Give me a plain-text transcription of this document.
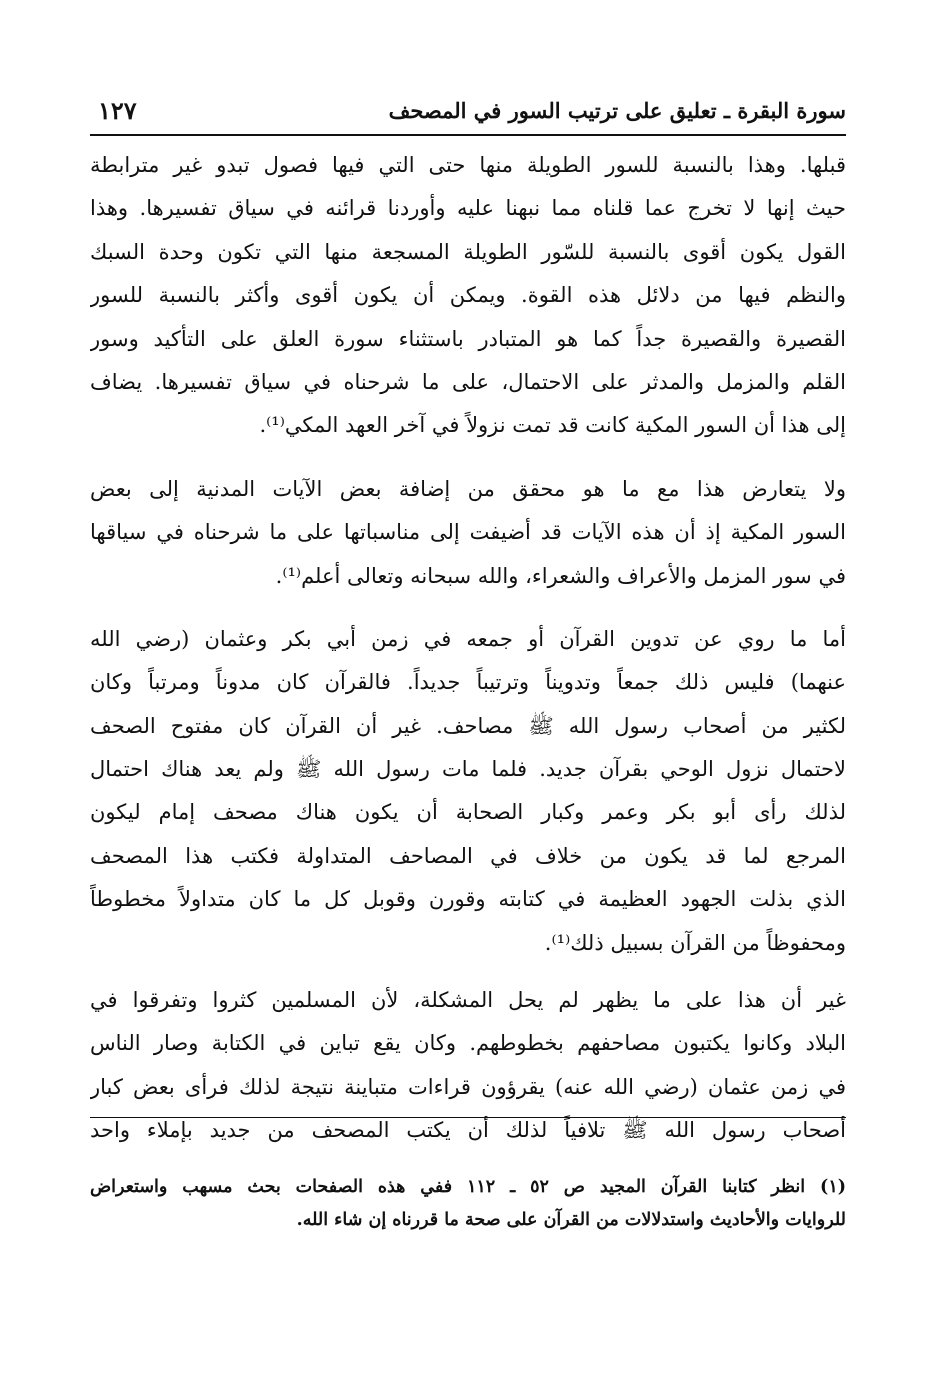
سورة البقرة ـ تعليق على ترتيب السور في المصحف
١٢٧
قبلها. وهذا بالنسبة للسور الطويلة منها حتى التي فيها فصول تبدو غير مترابطة
حيث إنها لا تخرج عما قلناه مما نبهنا عليه وأوردنا قرائنه في سياق تفسيرها. وهذا
القول يكون أقوى بالنسبة للسّور الطويلة المسجعة منها التي تكون وحدة السبك
والنظم فيها من دلائل هذه القوة. ويمكن أن يكون أقوى وأكثر بالنسبة للسور
القصيرة والقصيرة جداً كما هو المتبادر باستثناء سورة العلق على التأكيد وسور
القلم والمزمل والمدثر على الاحتمال، على ما شرحناه في سياق تفسيرها. يضاف
إلى هذا أن السور المكية كانت قد تمت نزولاً في آخر العهد المكي⁽¹⁾.
ولا يتعارض هذا مع ما هو محقق من إضافة بعض الآيات المدنية إلى بعض
السور المكية إذ أن هذه الآيات قد أضيفت إلى مناسباتها على ما شرحناه في سياقها
في سور المزمل والأعراف والشعراء، والله سبحانه وتعالى أعلم⁽¹⁾.
أما ما روي عن تدوين القرآن أو جمعه في زمن أبي بكر وعثمان (رضي الله
عنهما) فليس ذلك جمعاً وتدويناً وترتيباً جديداً. فالقرآن كان مدوناً ومرتباً وكان
لكثير من أصحاب رسول الله ﷺ مصاحف. غير أن القرآن كان مفتوح الصحف
لاحتمال نزول الوحي بقرآن جديد. فلما مات رسول الله ﷺ ولم يعد هناك احتمال
لذلك رأى أبو بكر وعمر وكبار الصحابة أن يكون هناك مصحف إمام ليكون
المرجع لما قد يكون من خلاف في المصاحف المتداولة فكتب هذا المصحف
الذي بذلت الجهود العظيمة في كتابته وقورن وقوبل كل ما كان متداولاً مخطوطاً
ومحفوظاً من القرآن بسبيل ذلك⁽¹⁾.
غير أن هذا على ما يظهر لم يحل المشكلة، لأن المسلمين كثروا وتفرقوا في
البلاد وكانوا يكتبون مصاحفهم بخطوطهم. وكان يقع تباين في الكتابة وصار الناس
في زمن عثمان (رضي الله عنه) يقرؤون قراءات متباينة نتيجة لذلك فرأى بعض كبار
أصحاب رسول الله ﷺ تلافياً لذلك أن يكتب المصحف من جديد بإملاء واحد
(١) انظر كتابنا القرآن المجيد ص ٥٢ ـ ١١٢ ففي هذه الصفحات بحث مسهب واستعراض
للروايات والأحاديث واستدلالات من القرآن على صحة ما قررناه إن شاء الله.
